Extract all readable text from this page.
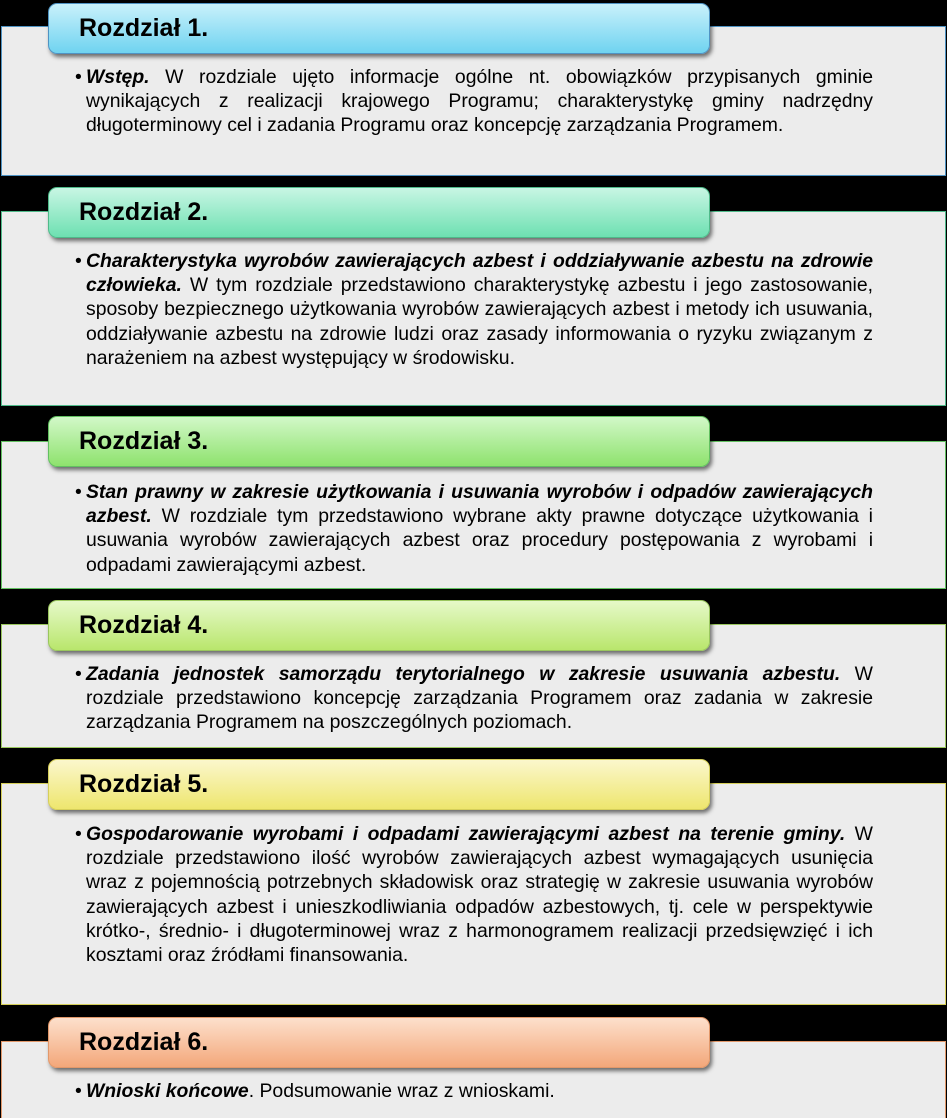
Rozdział 1.
• Wstęp. W rozdziale ujęto informacje ogólne nt. obowiązków przypisanych gminie wynikających z realizacji krajowego Programu; charakterystykę gminy nadrzędny długoterminowy cel i zadania Programu oraz koncepcję zarządzania Programem.
Rozdział 2.
• Charakterystyka wyrobów zawierających azbest i oddziaływanie azbestu na zdrowie człowieka. W tym rozdziale przedstawiono charakterystykę azbestu i jego zastosowanie, sposoby bezpiecznego użytkowania wyrobów zawierających azbest i metody ich usuwania, oddziaływanie azbestu na zdrowie ludzi oraz zasady informowania o ryzyku związanym z narażeniem na azbest występujący w środowisku.
Rozdział 3.
• Stan prawny w zakresie użytkowania i usuwania wyrobów i odpadów zawierających azbest. W rozdziale tym przedstawiono wybrane akty prawne dotyczące użytkowania i usuwania wyrobów zawierających azbest oraz procedury postępowania z wyrobami i odpadami zawierającymi azbest.
Rozdział 4.
• Zadania jednostek samorządu terytorialnego w zakresie usuwania azbestu. W rozdziale przedstawiono koncepcję zarządzania Programem oraz zadania w zakresie zarządzania Programem na poszczególnych poziomach.
Rozdział 5.
• Gospodarowanie wyrobami i odpadami zawierającymi azbest na terenie gminy. W rozdziale przedstawiono ilość wyrobów zawierających azbest wymagających usunięcia wraz z pojemnością potrzebnych składowisk oraz strategię w zakresie usuwania wyrobów zawierających azbest i unieszkodliwiania odpadów azbestowych, tj. cele w perspektywie krótko-, średnio- i długoterminowej wraz z harmonogramem realizacji przedsięwzięć i ich kosztami oraz źródłami finansowania.
Rozdział 6.
• Wnioski końcowe. Podsumowanie wraz z wnioskami.
